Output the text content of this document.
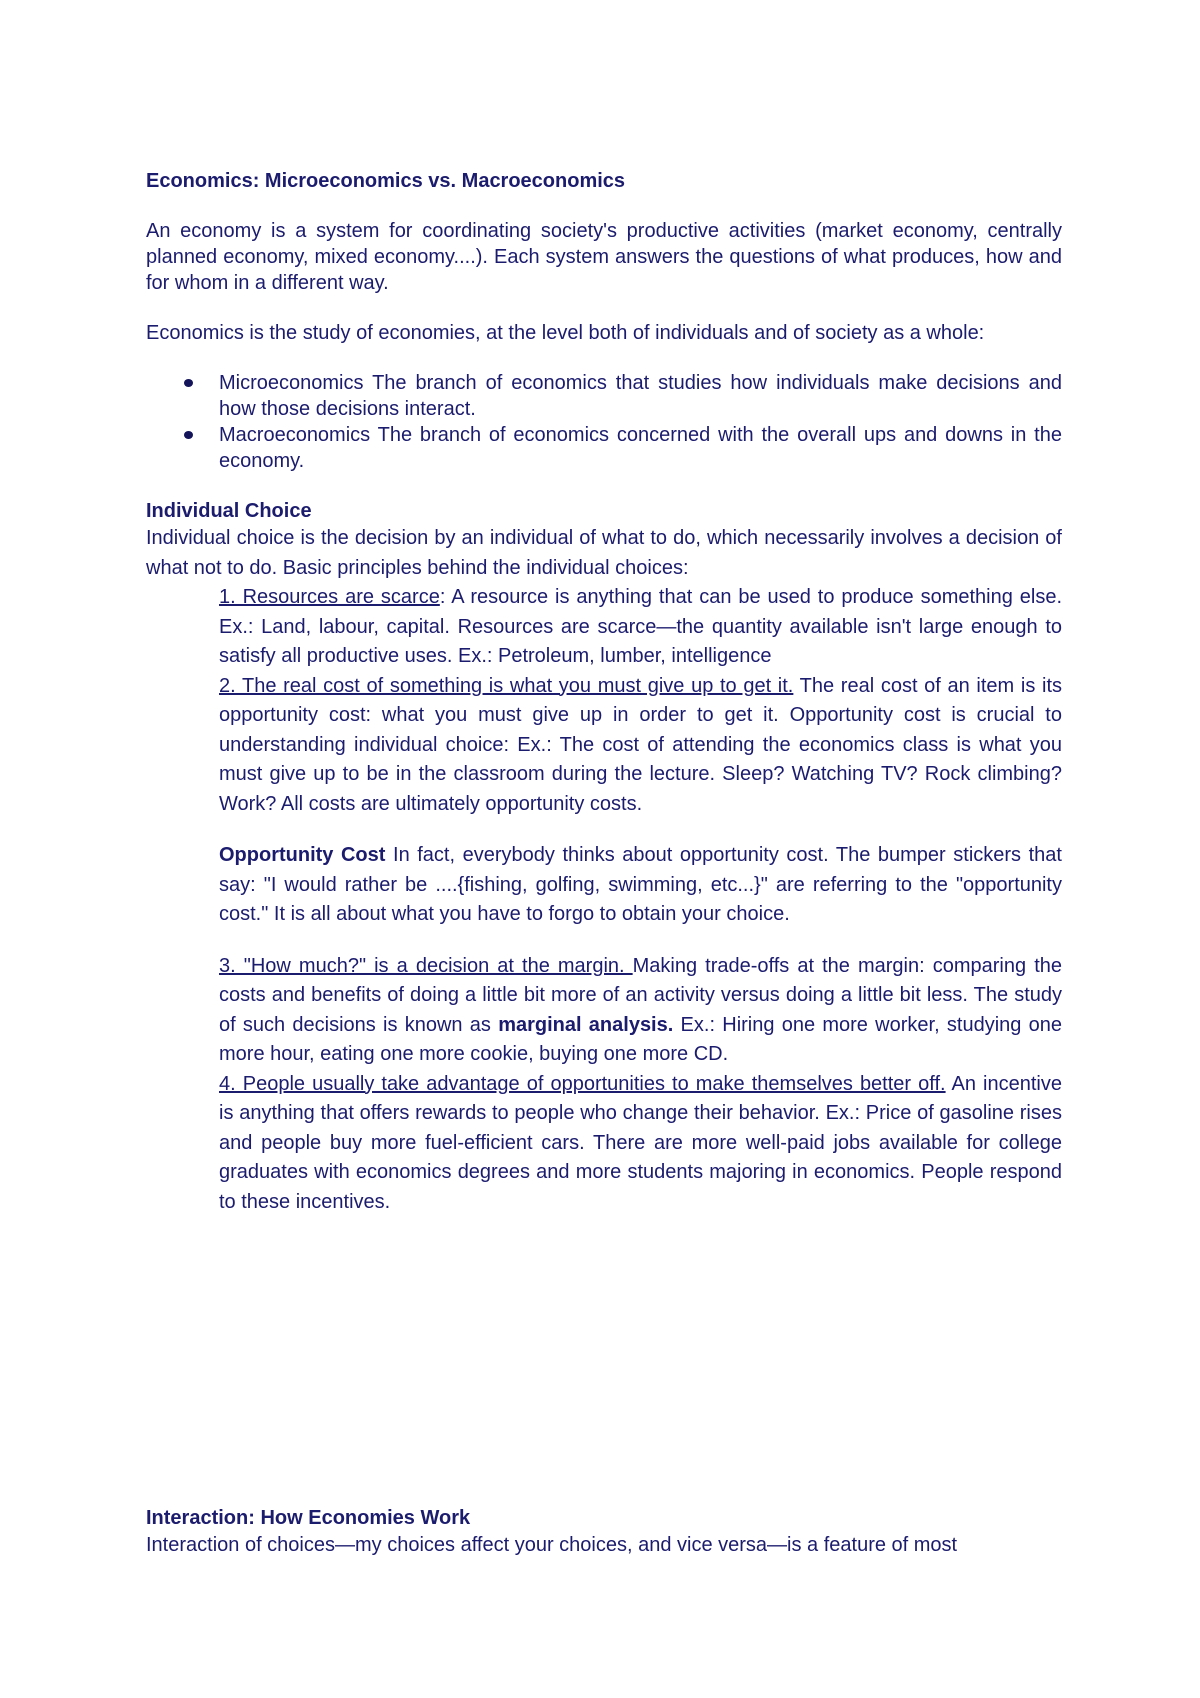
Economics: Microeconomics vs. Macroeconomics

An economy is a system for coordinating society's productive activities (market economy, centrally planned economy, mixed economy....). Each system answers the questions of what produces, how and for whom in a different way.

Economics is the study of economies, at the level both of individuals and of society as a whole:

Microeconomics The branch of economics that studies how individuals make decisions and how those decisions interact.
Macroeconomics The branch of economics concerned with the overall ups and downs in the economy.

Individual Choice

Individual choice is the decision by an individual of what to do, which necessarily involves a decision of what not to do. Basic principles behind the individual choices:

1. Resources are scarce: A resource is anything that can be used to produce something else. Ex.: Land, labour, capital. Resources are scarce—the quantity available isn't large enough to satisfy all productive uses. Ex.: Petroleum, lumber, intelligence

2. The real cost of something is what you must give up to get it. The real cost of an item is its opportunity cost: what you must give up in order to get it. Opportunity cost is crucial to understanding individual choice: Ex.: The cost of attending the economics class is what you must give up to be in the classroom during the lecture. Sleep? Watching TV? Rock climbing? Work? All costs are ultimately opportunity costs.

Opportunity Cost In fact, everybody thinks about opportunity cost. The bumper stickers that say: "I would rather be ....{fishing, golfing, swimming, etc...}" are referring to the "opportunity cost." It is all about what you have to forgo to obtain your choice.

3. "How much?" is a decision at the margin. Making trade-offs at the margin: comparing the costs and benefits of doing a little bit more of an activity versus doing a little bit less. The study of such decisions is known as marginal analysis. Ex.: Hiring one more worker, studying one more hour, eating one more cookie, buying one more CD.

4. People usually take advantage of opportunities to make themselves better off. An incentive is anything that offers rewards to people who change their behavior. Ex.: Price of gasoline rises and people buy more fuel-efficient cars. There are more well-paid jobs available for college graduates with economics degrees and more students majoring in economics. People respond to these incentives.

Interaction: How Economies Work

Interaction of choices—my choices affect your choices, and vice versa—is a feature of most
